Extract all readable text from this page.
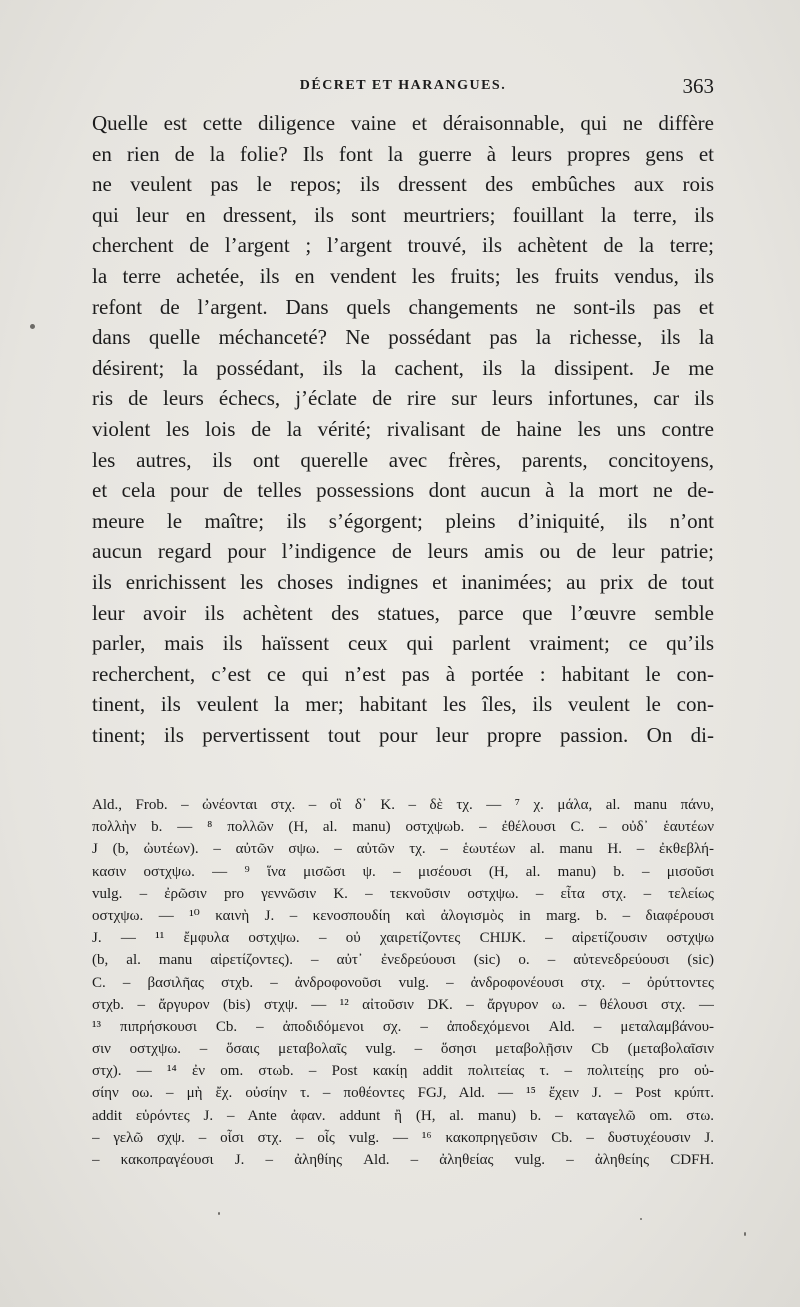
DÉCRET ET HARANGUES.	363
Quelle est cette diligence vaine et déraisonnable, qui ne diffère
en rien de la folie? Ils font la guerre à leurs propres gens et
ne veulent pas le repos; ils dressent des embûches aux rois
qui leur en dressent, ils sont meurtriers; fouillant la terre, ils
cherchent de l’argent ; l’argent trouvé, ils achètent de la terre;
la terre achetée, ils en vendent les fruits; les fruits vendus, ils
refont de l’argent. Dans quels changements ne sont-ils pas et
dans quelle méchanceté? Ne possédant pas la richesse, ils la
désirent; la possédant, ils la cachent, ils la dissipent. Je me
ris de leurs échecs, j’éclate de rire sur leurs infortunes, car ils
violent les lois de la vérité; rivalisant de haine les uns contre
les autres, ils ont querelle avec frères, parents, concitoyens,
et cela pour de telles possessions dont aucun à la mort ne de-
meure le maître; ils s’égorgent; pleins d’iniquité, ils n’ont
aucun regard pour l’indigence de leurs amis ou de leur patrie;
ils enrichissent les choses indignes et inanimées; au prix de tout
leur avoir ils achètent des statues, parce que l’œuvre semble
parler, mais ils haïssent ceux qui parlent vraiment; ce qu’ils
recherchent, c’est ce qui n’est pas à portée : habitant le con-
tinent, ils veulent la mer; habitant les îles, ils veulent le con-
tinent; ils pervertissent tout pour leur propre passion. On di-
Ald., Frob. – ὠνέονται στχ. – οἳ δ᾽ K. – δὲ τχ. — ⁷ χ. μάλα, al. manu πάνυ,
πολλὴν b. — ⁸ πολλῶν (H, al. manu) οστχψωb. – ἐθέλουσι C. – οὐδ᾽ ἑαυτέων
J (b, ὠυτέων). – αὐτῶν σψω. – αὐτῶν τχ. – ἑωυτέων al. manu H. – ἐκθεβλή-
κασιν οστχψω. — ⁹ ἵνα μισῶσι ψ. – μισέουσι (H, al. manu) b. – μισοῦσι
vulg. – ἐρῶσιν pro γεννῶσιν K. – τεκνοῦσιν οστχψω. – εἶτα στχ. – τελείως
οστχψω. — ¹⁰ καινὴ J. – κενοσπουδίη καὶ ἀλογισμὸς in marg. b. – διαφέρουσι
J. — ¹¹ ἔμφυλα οστχψω. – οὐ χαιρετίζοντες CHIJK. – αἰρετίζουσιν οστχψω
(b, al. manu αἰρετίζοντες). – αὐτ᾽ ἐνεδρεύουσι (sic) o. – αὐτενεδρεύουσι (sic)
C. – βασιλῆας στχb. – ἀνδροφονοῦσι vulg. – ἀνδροφονέουσι στχ. – ὀρύττοντες
στχb. – ἄργυρον (bis) στχψ. — ¹² αἰτοῦσιν DK. – ἄργυρον ω. – θέλουσι στχ. —
¹³ πιπρήσκουσι Cb. – ἀποδιδόμενοι σχ. – ἀποδεχόμενοι Ald. – μεταλαμβάνου-
σιν οστχψω. – ὅσαις μεταβολαῖς vulg. – ὅσησι μεταβολῇσιν Cb (μεταβολαῖσιν
στχ). — ¹⁴ ἐν om. στωb. – Post κακίῃ addit πολιτείας τ. – πολιτείῃς pro οὐ-
σίην οω. – μὴ ἔχ. οὐσίην τ. – ποθέοντες FGJ, Ald. — ¹⁵ ἔχειν J. – Post κρύπτ.
addit εὑρόντες J. – Ante ἀφαν. addunt ἢ (H, al. manu) b. – καταγελῶ om. στω.
– γελῶ σχψ. – οἷσι στχ. – οἷς vulg. — ¹⁶ κακοπρηγεῦσιν Cb. – δυστυχέουσιν J.
– κακοπραγέουσι J. – ἀληθίης Ald. – ἀληθείας vulg. – ἀληθείης CDFH.
